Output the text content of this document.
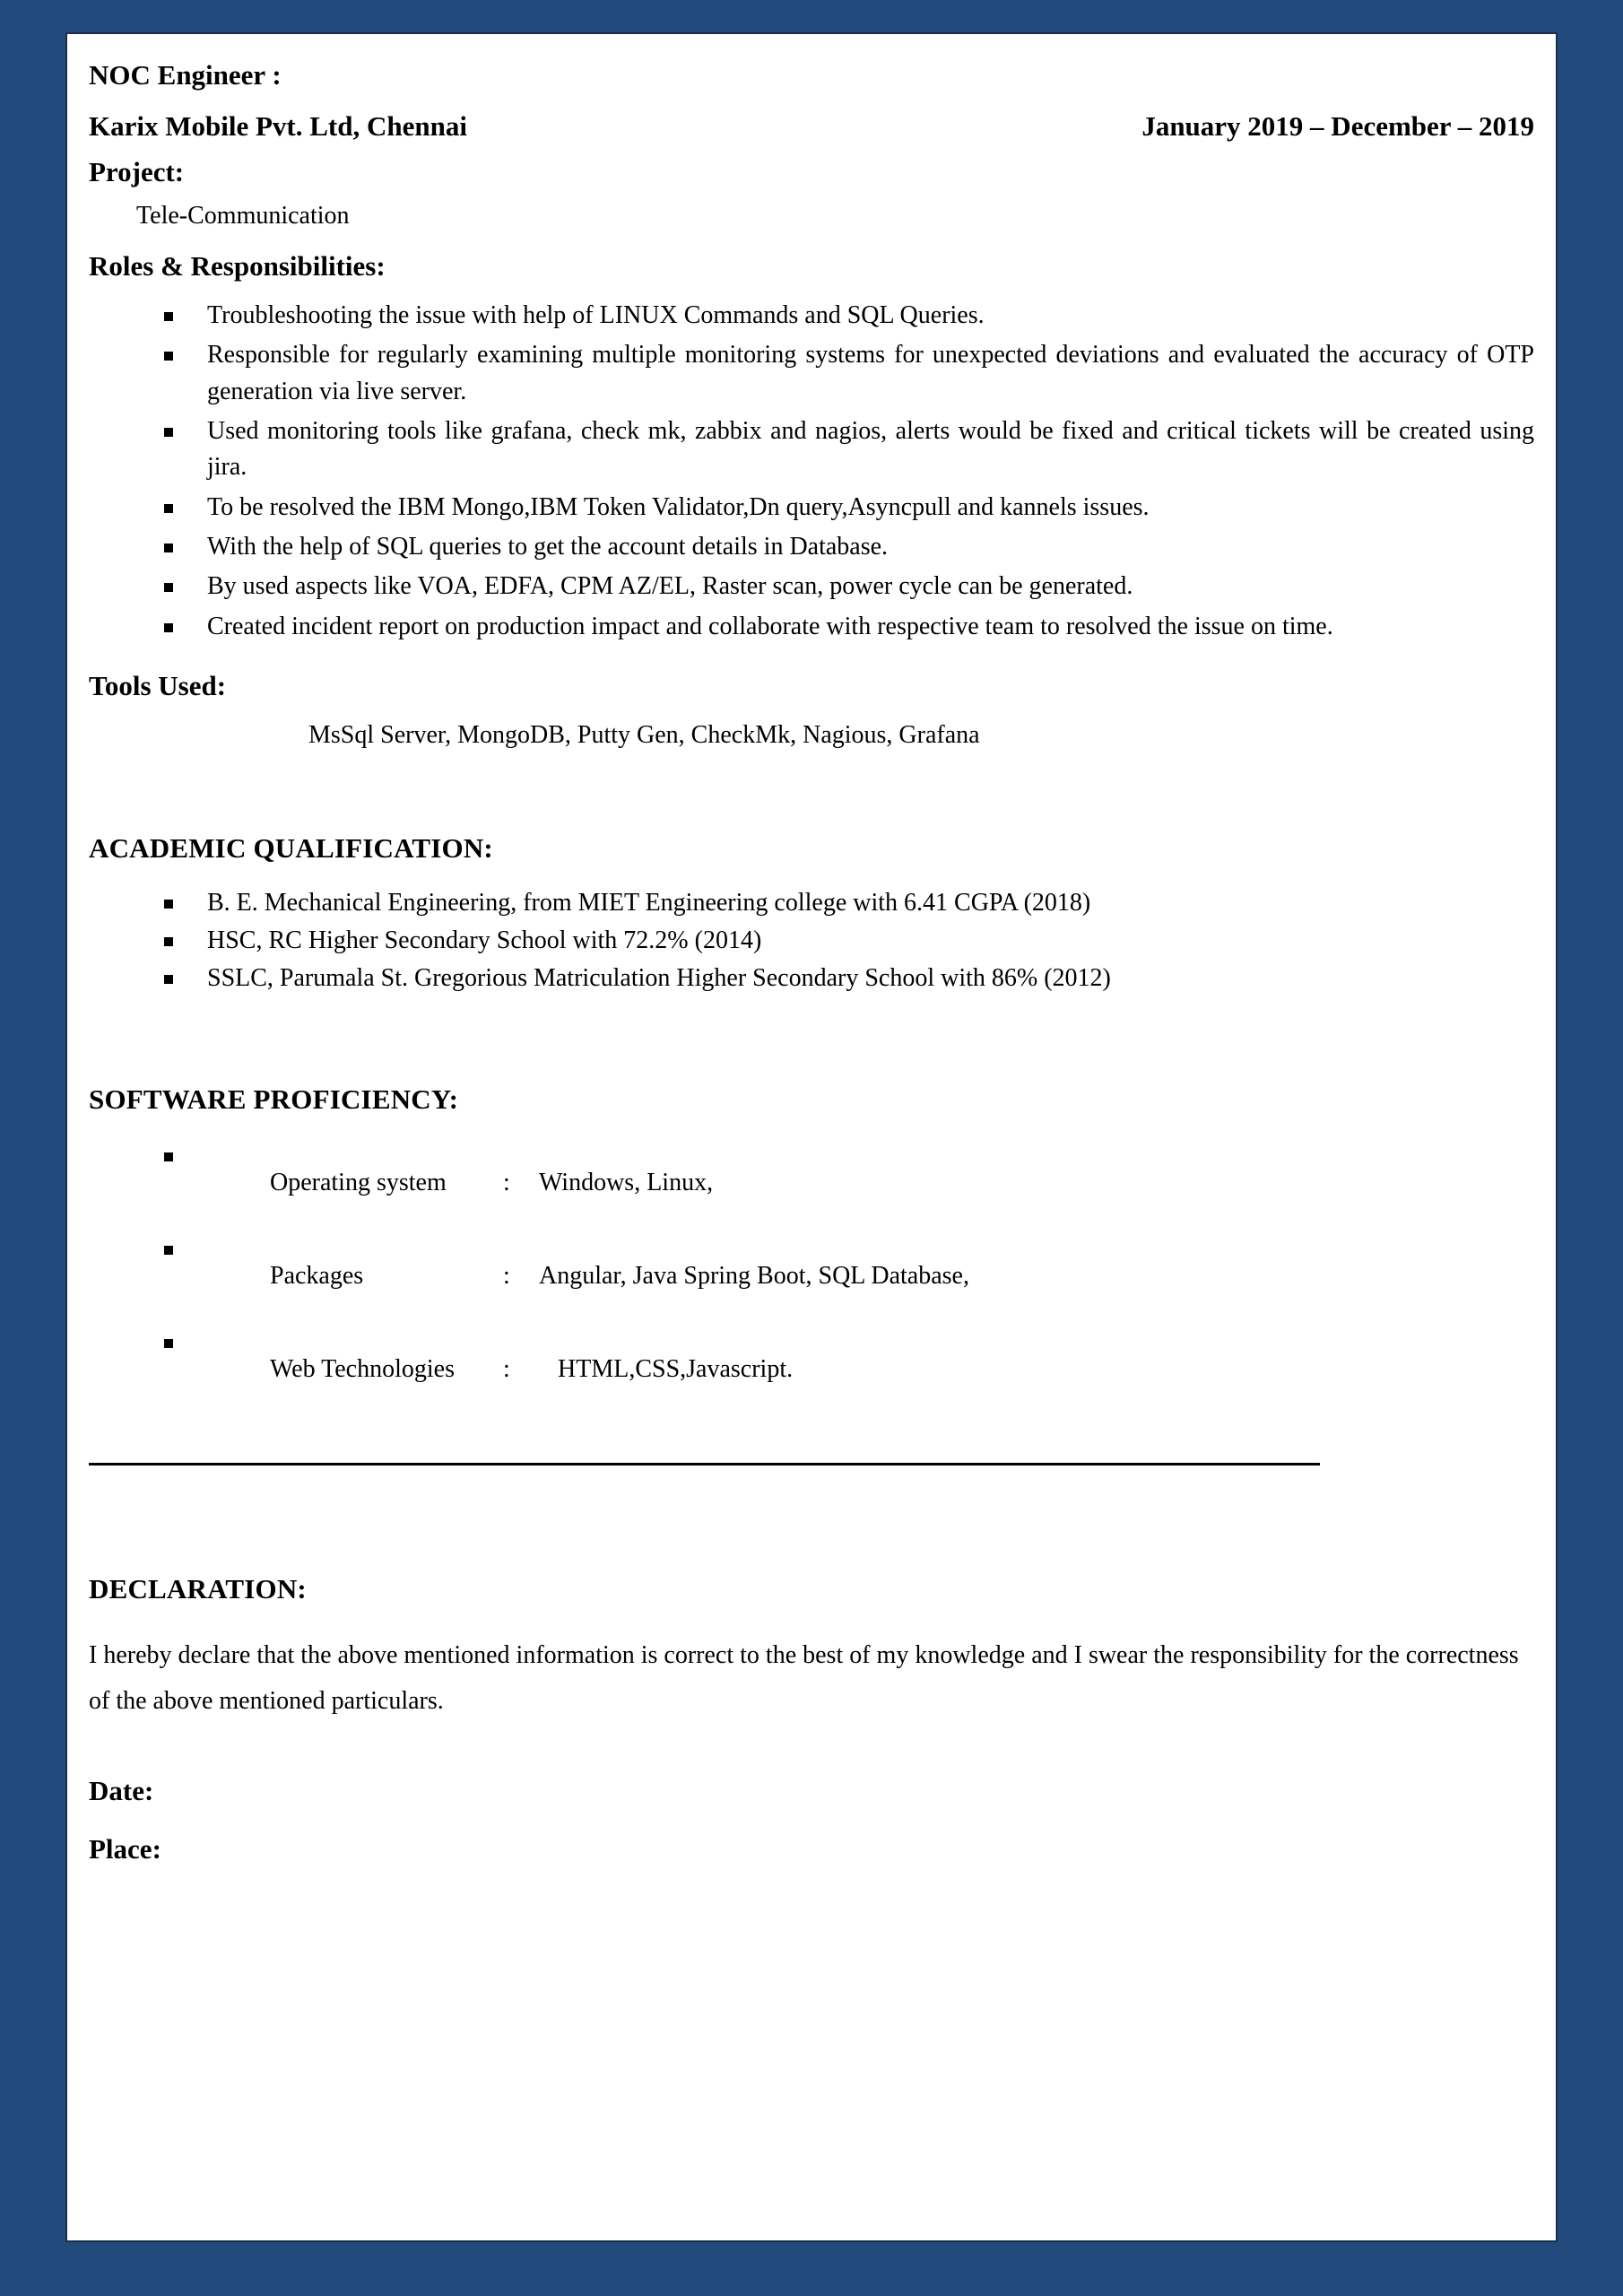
NOC Engineer :
Karix Mobile Pvt. Ltd, Chennai	January 2019 – December – 2019
Project:

Tele-Communication

Roles & Responsibilities:
Troubleshooting the issue with help of LINUX Commands and SQL Queries.
Responsible for regularly examining multiple monitoring systems for unexpected deviations and evaluated the accuracy of OTP generation via live server.
Used monitoring tools like grafana, check mk, zabbix and nagios, alerts would be fixed and critical tickets will be created using jira.
To be resolved the IBM Mongo,IBM Token Validator,Dn query,Asyncpull and kannels issues.
With the help of SQL queries to get the account details in Database.
By used aspects like VOA, EDFA, CPM AZ/EL, Raster scan, power cycle can be generated.
Created incident report on production impact and collaborate with respective team to resolved the issue on time.
Tools Used:

MsSql Server, MongoDB, Putty Gen, CheckMk, Nagious, Grafana

ACADEMIC QUALIFICATION:
B. E. Mechanical Engineering, from MIET Engineering college with 6.41 CGPA (2018)
HSC, RC Higher Secondary School with 72.2% (2014)
SSLC, Parumala St. Gregorious Matriculation Higher Secondary School with 86% (2012)
SOFTWARE PROFICIENCY:

Operating system : Windows, Linux,

Packages	: Angular, Java Spring Boot, SQL Database,

Web Technologies :   HTML,CSS,Javascript.

DECLARATION:

I hereby declare that the above mentioned information is correct to the best of my knowledge and I swear the responsibility for the correctness of the above mentioned particulars.

Date:
Place:
